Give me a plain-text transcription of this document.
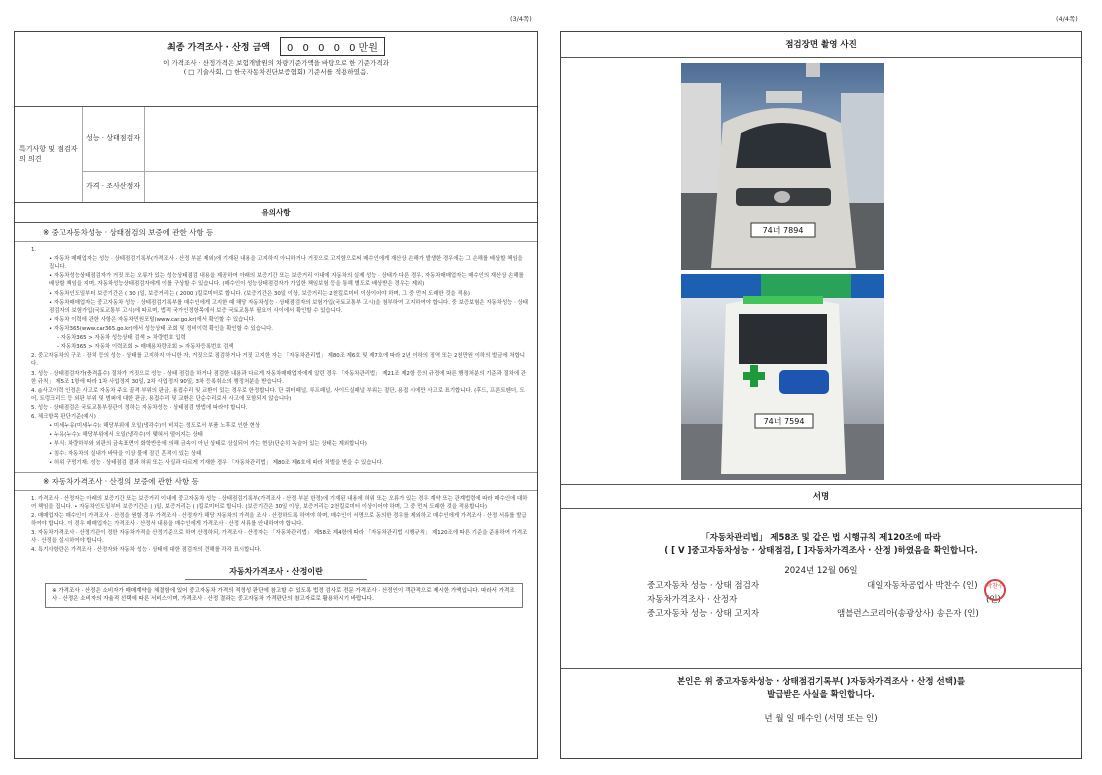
(3/4쪽)	(4/4쪽)
최종 가격조사 · 산정 금액	0 0 0 0 0만원
이 가격조사 · 산정가격은 보험개발원의 차량기준가액을 바탕으로 한 기준가격과
( □ 기술사회, □ 한국자동차진단보증협회) 기준서를 적용하였음.
특기사항 및 점검자의 의견
성능 · 상태점검자
가격 · 조사산정자
유의사항
※ 중고자동차성능 · 상태점검의 보증에 관한 사항 등

1.

• 자동차 매매업자는 성능 · 상태점검기록부(가격조사 · 산정 부분 제외)에 기재된 내용을 고지하지 아니하거나 거짓으로 고지함으로써 매수인에게 재산상 손해가 발생한 경우에는 그 손해를 배상할 책임을 집니다.

• 자동차성능상태점검자가 거짓 또는 오류가 있는 성능상태점검 내용을 제공하여 아래의 보증기간 또는 보증거리 이내에 자동차의 실제 성능 · 상태가 다른 경우, 자동차매매업자는 매수인의 재산상 손해를 배상할 책임을 지며, 자동차성능상태점검자에게 이를 구상할 수 있습니다. (매수인이 성능상태점검자가 가입한 책임보험 등을 통해 별도로 배상받은 경우는 제외)

• 자동차인도일부터 보증기간은 ( 30 )일, 보증거리는 ( 2000 )킬로미터로 합니다. (보증기간은 30일 이상, 보증거리는 2천킬로미터 이상이어야 하며, 그 중 먼저 도래한 것을 적용)

• 자동차매매업자는 중고자동차 성능 · 상태점검기록부를 매수인에게 고지한 때 해당 자동차성능 · 상태점검자의 보험가입(국토교통부 고시)을 첨부하여 고지하여야 합니다. 중 보증보험은 자동차성능 · 상태점검자의 보험가입(국토교통부 고시)에 따르며, 법적 국가인정항목에서 보증 국토교통부 필요이 사이에서 확인할 수 있습니다.

• 자동차 이력에 관한 사항은 자동차민원포털(www.car.go.kr)에서 확인할 수 있습니다.

• 자동차365(www.car365.go.kr)에서 성능상태 조회 및 정비이력 확인을 확인할 수 있습니다.

- 자동차365 > 자동차 성능상태 검색 > 차량번호 입력

- 자동차365 > 자동차 이력조회 > 매매용차량조회 > 자동차등록번호 검색

2. 중고자동차의 구조 · 장치 등의 성능 · 상태를 고지하지 아니한 자, 거짓으로 점검하거나 거짓 고지한 자는 「자동차관리법」 제80조 제6호 및 제7호에 따라 2년 이하의 징역 또는 2천만원 이하의 벌금에 처합니다.

3. 성능 · 상태점검자가(충격흡수) 절차가 거짓으로 성능 · 상태 점검을 하거나 점검한 내용과 다르게 자동차매매업자에게 알린 경우 「자동차관리법」 제21조 제2항 등의 규정에 따른 행정처분의 기준과 절차에 관한 규칙」 제5조 1항에 따라 1차 사업정지 30일, 2차 사업정지 90일, 3차 등록취소의 행정처분을 받습니다.

4. ◎사고이력 인정은 사고로 자동차 주요 골격 부위의 판금, 용접수리 및 교환이 있는 경우로 한정합니다. 단 쿼터패널, 루프패널, 사이드실패널 부위는 절단, 용접 시에만 사고로 표기합니다. (후드, 프론트펜더, 도어, 트렁크리드 등 외판 부위 및 범퍼에 대한 판금, 용접수리 및 교환은 단순수리로서 사고에 포함되지 않습니다)

5. 성능 · 상태점검은 국토교통부장관이 정하는 자동차성능 · 상태점검 방법에 따라야 합니다.

6. 체크항목 판단기준(예시)

• 미세누유(미세누수): 해당부위에 오일(냉각수)이 비치는 정도로서 부품 노후로 인한 현상

• 누유(누수): 해당부위에서 오일(냉각수)이 맺혀서 떨어지는 상태

• 부식: 차량하부와 외판의 금속표면이 화학반응에 의해 금속이 아닌 상태로 상실되어 가는 현상(단순히 녹슬어 있는 상태는 제외합니다)

• 침수: 자동차의 실내가 바닥을 이상 물에 잠긴 흔적이 있는 상태

• 허위 구멍기재: 성능 · 상태점검 결과 허위 또는 사실과 다르게 기재한 경우 「자동차관리법」 제80조 제6호에 따라 처벌을 받을 수 있습니다.

※ 자동차가격조사 · 산정의 보증에 관한 사항 등

1. 가격조사 · 산정자는 아래의 보증기간 또는 보증거리 이내에 중고자동차 성능 · 상태점검기록부(가격조사 · 산정 부분 한정)에 기재된 내용에 허위 또는 오류가 있는 경우 계약 또는 관계법령에 따라 매수인에 대하여 책임을 집니다. • 자동차인도일부터 보증기간은 ( )일, 보증거리는 ( )킬로미터로 합니다. (보증기간은 30일 이상, 보증거리는 2천킬로미터 이상이어야 하며, 그 중 먼저 도래한 것을 적용합니다)

2. 매매업자는 매수인이 가격조사 · 산정을 원할 경우 가격조사 · 산정자가 해당 자동차의 가격을 조사 · 산정하도록 하여야 하며, 매수인이 서명으로 동의한 경우를 제외하고 매수인에게 가격조사 · 산정 서류를 발급하여야 합니다. 이 경우 매매업자는 가격조사 · 산정서 내용을 매수인에게 가격조사 · 산정 서류를 안내하여야 합니다.

3. 자동차가격조사 · 산정기관이 정한 자동차가격을 산정기준으로 하여 산정하되, 가격조사 · 산정자는 「자동차관리법」 제58조 제4항에 따라 「자동차관리법 시행규칙」 제120조에 따른 기준을 준용하여 가격조사 · 산정을 실시하여야 합니다.

4. 특기사항란은 가격조사 · 산정자와 자동차 성능 · 상태에 대한 점검자의 견해를 각각 표시합니다.

자동차가격조사 · 산정이란
※ 가격조사 · 산정은 소비자가 매매계약을 체결함에 있어 중고자동차 가격의 적정성 판단에 참고할 수 있도록 법정 검사로 전문 가격조사 · 산정인이 객관적으로 제시한 가액입니다. 따라서 가격조사 · 산정은 소비자의 자율적 선택에 따른 서비스이며, 가격조사 · 산정 결과는 중고자동차 가격판단의 참고자료로 활용하시기 바랍니다.
점검장면 촬영 사진
74너 7894
74너 7594
서명
「자동차관리법」 제58조 및 같은 법 시행규칙 제120조에 따라
( [ V ]중고자동차성능 · 상태점검, [ ]자동차가격조사 · 산정 )하였음을 확인합니다.
2024년 12월 06일
중고자동차 성능 · 상태 점검자	대일자동차공업사 박찬수 (인)
자동차가격조사 · 산정자	(인)
중고자동차 성능 · 상태 고지자	앰블런스코리아(송광상사) 송은자 (인)
박찬수
본인은 위 중고자동차성능 · 상태점검기록부( )자동차가격조사 · 산정 선택)를
발급받은 사실을 확인합니다.
년 월 일 매수인 (서명 또는 인)
